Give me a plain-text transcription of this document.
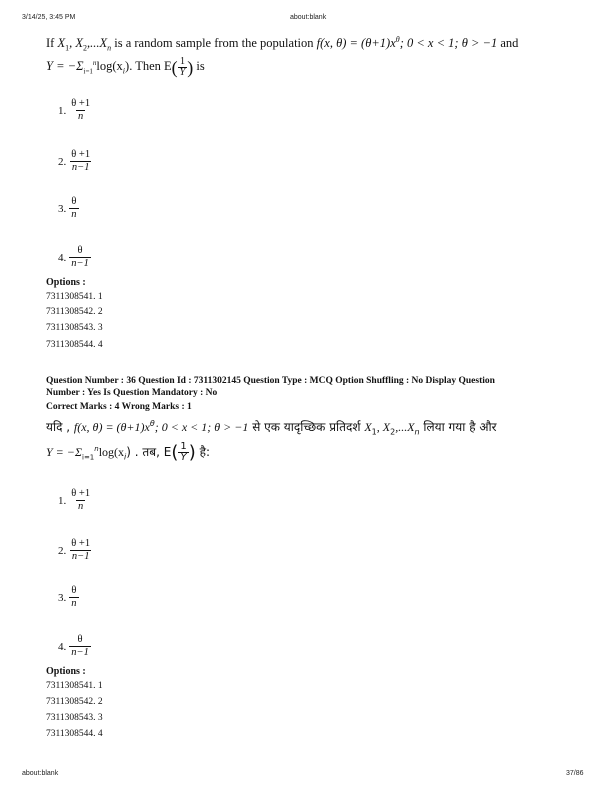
3/14/25, 3:45 PM	about:blank
If $X_1$, $X_2,...X_n$ is a random sample from the population f(x, $\theta) = (\theta+1)x^\theta$; 0 < x < 1; θ > −1 and
$Y = -\Sigma_{i=1}^n\log(x_i)$. Then $E( \frac{1}{Y}$ ) is
1. $\frac{\theta +1}{n}$
2. $\frac{\theta +1}{n-1}$
3. $\frac{\theta}{n}$
4. $\frac{\theta}{n-1}$
Options :
7311308541. 1
7311308542. 2
7311308543. 3
7311308544. 4
Question Number : 36 Question Id : 7311302145 Question Type : MCQ Option Shuffling : No Display Question
Number : Yes Is Question Mandatory : No
Correct Marks : 4 Wrong Marks : 1
यदि , f(x, $\theta) = (\theta+1)x^\theta$; 0 < x < 1; θ > −1 से एक यादृच्छिक प्रतिदर्श $X_1$, $X_2,...X_n$ लिया गया है और
$Y = -\Sigma_{i=1}^n\log(x_i)$ . तब, $E( \frac{1}{Y}$ ) है:
1. $\frac{\theta +1}{n}$
2. $\frac{\theta +1}{n-1}$
3. $\frac{\theta}{n}$
4. $\frac{\theta}{n-1}$
Options :
7311308541. 1
7311308542. 2
7311308543. 3
7311308544. 4
about:blank	37/86
